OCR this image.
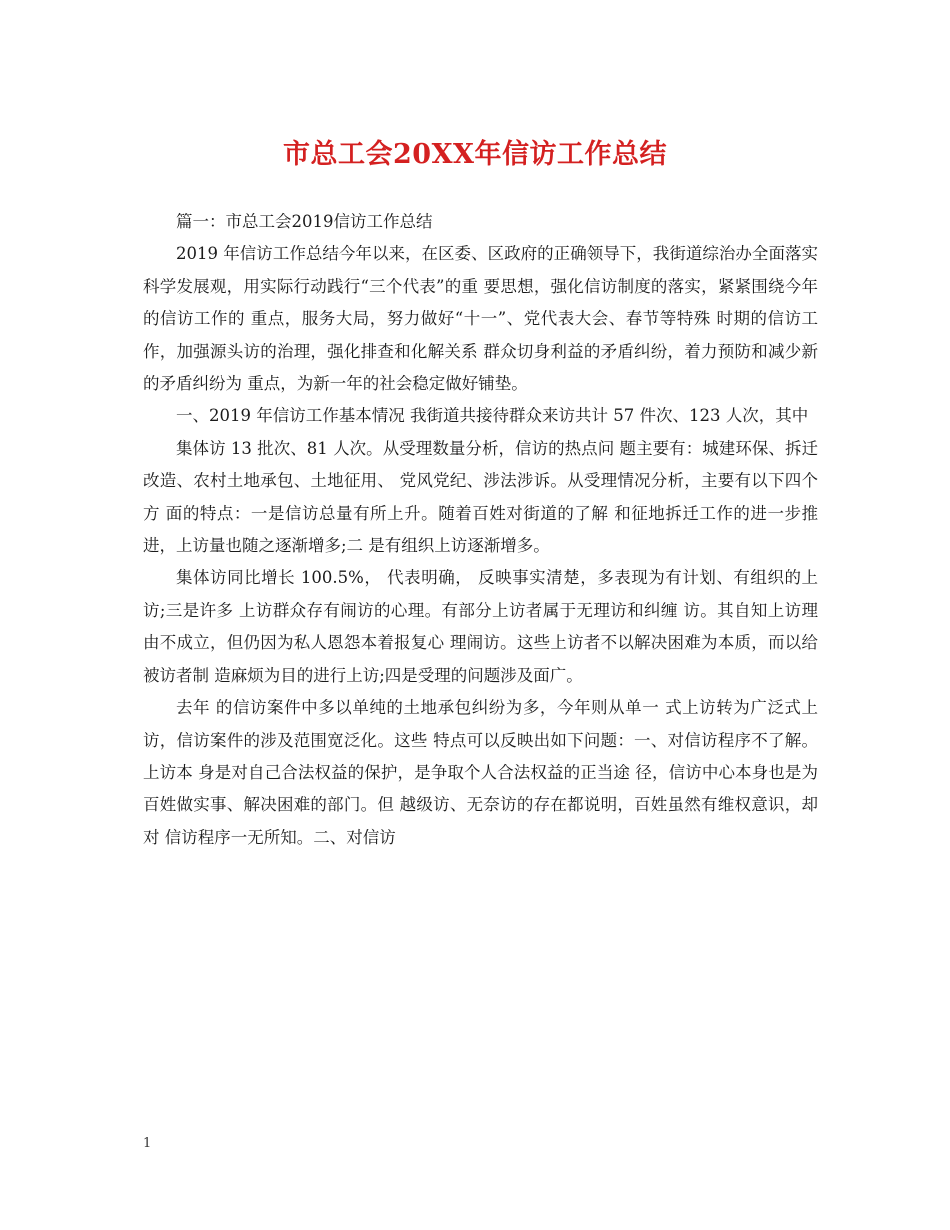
市总工会20XX年信访工作总结

篇一：市总工会2019信访工作总结

2019 年信访工作总结今年以来，在区委、区政府的正确领导下，我街道综治办全面落实科学发展观，用实际行动践行“三个代表”的重 要思想，强化信访制度的落实，紧紧围绕今年的信访工作的 重点，服务大局，努力做好“十一”、党代表大会、春节等特殊 时期的信访工作，加强源头访的治理，强化排查和化解关系 群众切身利益的矛盾纠纷，着力预防和减少新的矛盾纠纷为 重点，为新一年的社会稳定做好铺垫。

一、2019 年信访工作基本情况 我街道共接待群众来访共计 57 件次、123 人次，其中

集体访 13 批次、81 人次。从受理数量分析，信访的热点问 题主要有：城建环保、拆迁改造、农村土地承包、土地征用、 党风党纪、涉法涉诉。从受理情况分析，主要有以下四个方 面的特点：一是信访总量有所上升。随着百姓对街道的了解 和征地拆迁工作的进一步推进，上访量也随之逐渐增多;二 是有组织上访逐渐增多。

集体访同比增长 100.5%， 代表明确， 反映事实清楚，多表现为有计划、有组织的上访;三是许多 上访群众存有闹访的心理。有部分上访者属于无理访和纠缠 访。其自知上访理由不成立，但仍因为私人恩怨本着报复心 理闹访。这些上访者不以解决困难为本质，而以给被访者制 造麻烦为目的进行上访;四是受理的问题涉及面广。

去年 的信访案件中多以单纯的土地承包纠纷为多，今年则从单一 式上访转为广泛式上访，信访案件的涉及范围宽泛化。这些 特点可以反映出如下问题：一、对信访程序不了解。上访本 身是对自己合法权益的保护，是争取个人合法权益的正当途 径，信访中心本身也是为百姓做实事、解决困难的部门。但 越级访、无奈访的存在都说明，百姓虽然有维权意识，却对 信访程序一无所知。二、对信访

1
